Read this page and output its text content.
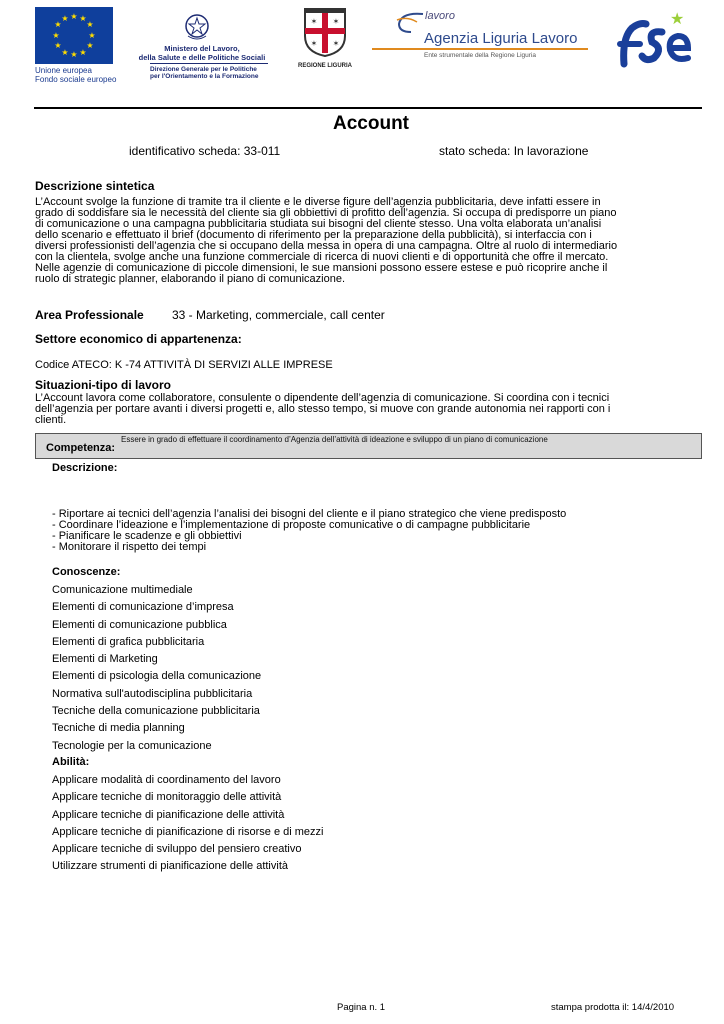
★ ★
★
★
★
★
★
★
★
★
★
★
Unione europea
Fondo sociale europeo
Ministero del Lavoro,
della Salute e delle Politiche Sociali
Direzione Generale per le Politiche
per l'Orientamento e la Formazione
✶ ✶
✶ ✶
REGIONE LIGURIA
lavoro
Agenzia Liguria Lavoro
Ente strumentale della Regione Liguria
★
Account
identificativo scheda: 33-011	stato scheda: In lavorazione
Descrizione sintetica
L’Account svolge la funzione di tramite tra il cliente e le diverse figure dell’agenzia pubblicitaria, deve infatti essere in
grado di soddisfare sia le necessità del cliente sia gli obbiettivi di profitto dell’agenzia. Si occupa di predisporre un piano
di comunicazione o una campagna pubblicitaria studiata sui bisogni del cliente stesso. Una volta elaborata un’analisi
dello scenario e effettuato il brief (documento di riferimento per la preparazione della pubblicità), si interfaccia con i
diversi professionisti dell’agenzia che si occupano della messa in opera di una campagna. Oltre al ruolo di intermediario
con la clientela, svolge anche una funzione commerciale di ricerca di nuovi clienti e di opportunità che offre il mercato.
Nelle agenzie di comunicazione di piccole dimensioni, le sue mansioni possono essere estese e può ricoprire anche il
ruolo di strategic planner, elaborando il piano di comunicazione.
Area Professionale 33 - Marketing, commerciale, call center
Settore economico di appartenenza:
Codice ATECO: K -74 ATTIVITÀ DI SERVIZI ALLE IMPRESE
Situazioni-tipo di lavoro
L’Account lavora come collaboratore, consulente o dipendente dell’agenzia di comunicazione. Si coordina con i tecnici
dell’agenzia per portare avanti i diversi progetti e, allo stesso tempo, si muove con grande autonomia nei rapporti con i
clienti.
Competenza:
Essere in grado di effettuare il coordinamento d’Agenzia dell’attività di ideazione e sviluppo di un piano di comunicazione
Descrizione:
- Riportare ai tecnici dell’agenzia l’analisi dei bisogni del cliente e il piano strategico che viene predisposto
- Coordinare l’ideazione e l’implementazione di proposte comunicative o di campagne pubblicitarie
- Pianificare le scadenze e gli obbiettivi
- Monitorare il rispetto dei tempi
Conoscenze:
Comunicazione multimediale
Elementi di comunicazione d’impresa
Elementi di comunicazione pubblica
Elementi di grafica pubblicitaria
Elementi di Marketing
Elementi di psicologia della comunicazione
Normativa sull'autodisciplina pubblicitaria
Tecniche della comunicazione pubblicitaria
Tecniche di media planning
Tecnologie per la comunicazione
Abilità:
Applicare modalità di coordinamento del lavoro
Applicare tecniche di monitoraggio delle attività
Applicare tecniche di pianificazione delle attività
Applicare tecniche di pianificazione di risorse e di mezzi
Applicare tecniche di sviluppo del pensiero creativo
Utilizzare strumenti di pianificazione delle attività
Pagina n. 1	stampa prodotta il: 14/4/2010
